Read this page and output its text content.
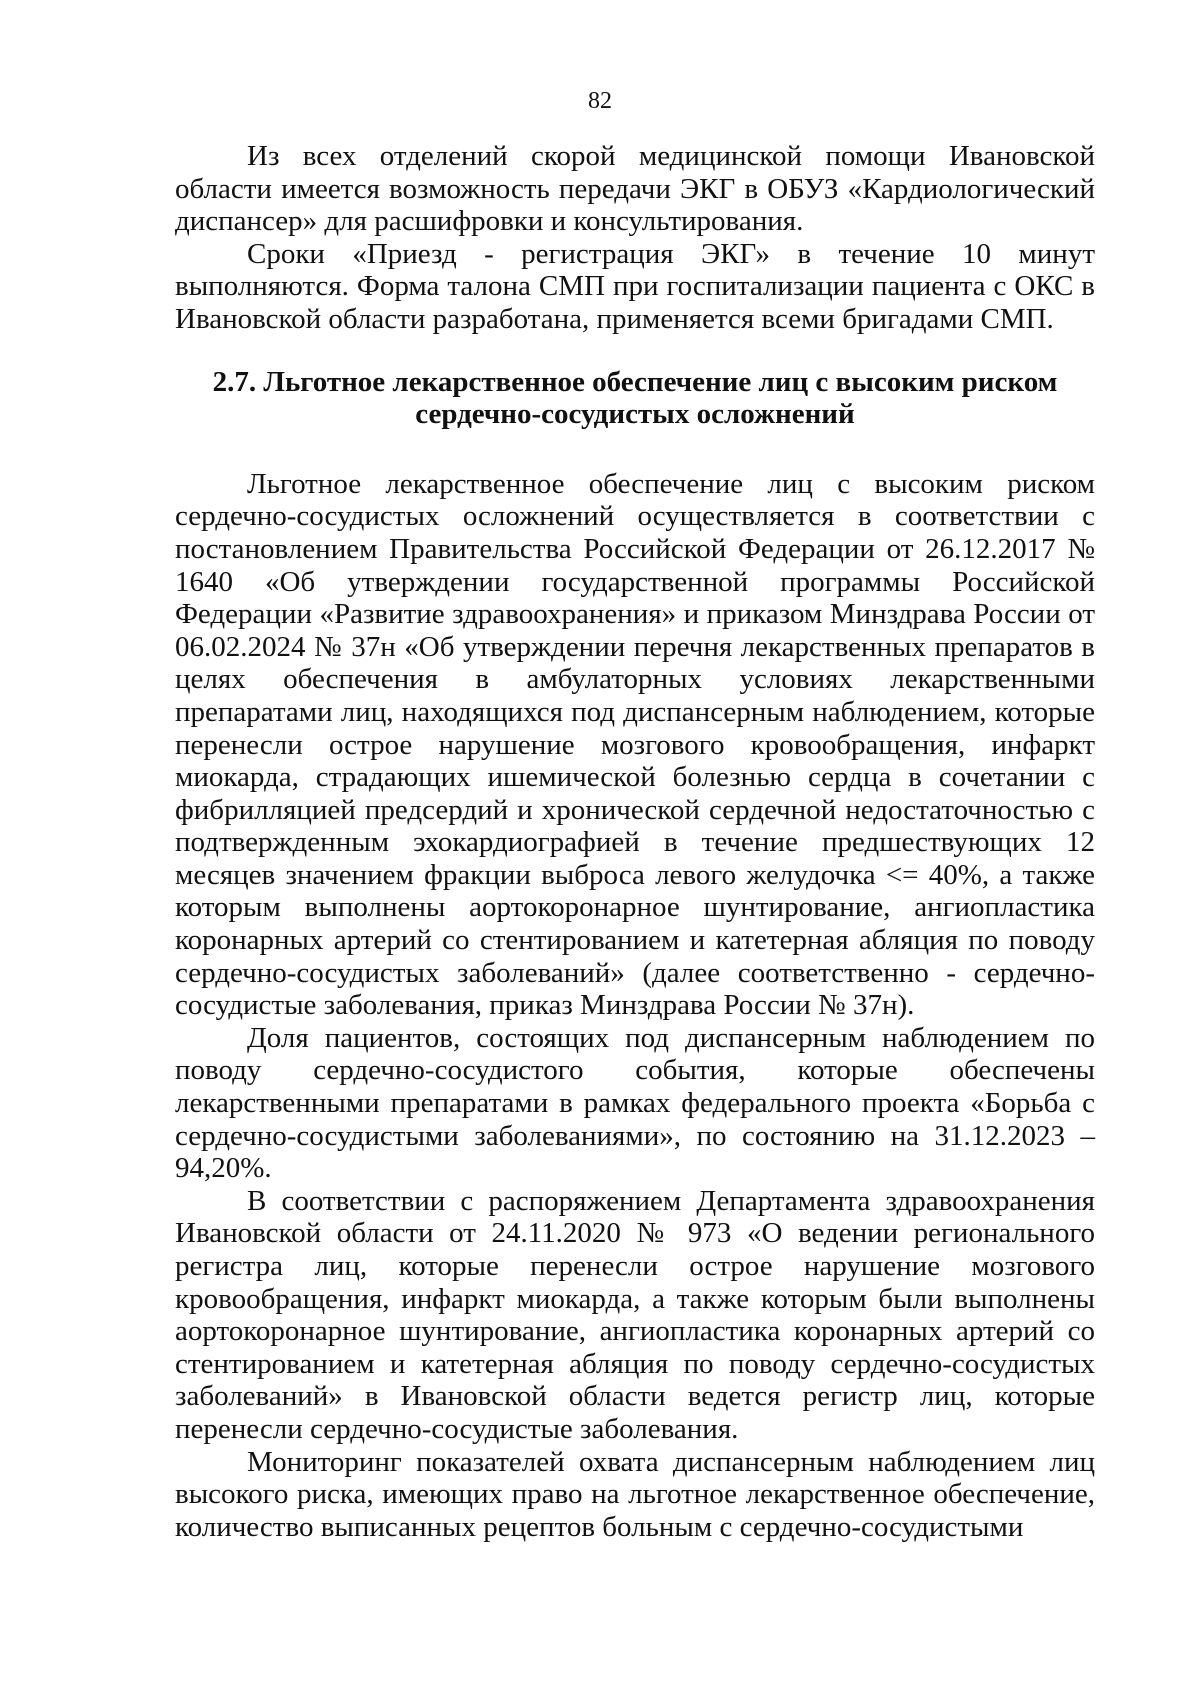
82

Из всех отделений скорой медицинской помощи Ивановской области имеется возможность передачи ЭКГ в ОБУЗ «Кардиологический диспансер» для расшифровки и консультирования.

Сроки «Приезд - регистрация ЭКГ» в течение 10 минут выполняются. Форма талона СМП при госпитализации пациента с ОКС в Ивановской области разработана, применяется всеми бригадами СМП.

2.7. Льготное лекарственное обеспечение лиц с высоким риском
сердечно-сосудистых осложнений

Льготное лекарственное обеспечение лиц с высоким риском сердечно-сосудистых осложнений осуществляется в соответствии с постановлением Правительства Российской Федерации от 26.12.2017 № 1640 «Об утверждении государственной программы Российской Федерации «Развитие здравоохранения» и приказом Минздрава России от 06.02.2024 № 37н «Об утверждении перечня лекарственных препаратов в целях обеспечения в амбулаторных условиях лекарственными препаратами лиц, находящихся под диспансерным наблюдением, которые перенесли острое нарушение мозгового кровообращения, инфаркт миокарда, страдающих ишемической болезнью сердца в сочетании с фибрилляцией предсердий и хронической сердечной недостаточностью с подтвержденным эхокардиографией в течение предшествующих 12 месяцев значением фракции выброса левого желудочка <= 40%, а также которым выполнены аортокоронарное шунтирование, ангиопластика коронарных артерий со стентированием и катетерная абляция по поводу сердечно-сосудистых заболеваний» (далее соответственно - сердечно-сосудистые заболевания, приказ Минздрава России № 37н).

Доля пациентов, состоящих под диспансерным наблюдением по поводу сердечно-сосудистого события, которые обеспечены лекарственными препаратами в рамках федерального проекта «Борьба с сердечно-сосудистыми заболеваниями», по состоянию на 31.12.2023 – 94,20%.

В соответствии с распоряжением Департамента здравоохранения Ивановской области от 24.11.2020 № 973 «О ведении регионального регистра лиц, которые перенесли острое нарушение мозгового кровообращения, инфаркт миокарда, а также которым были выполнены аортокоронарное шунтирование, ангиопластика коронарных артерий со стентированием и катетерная абляция по поводу сердечно-сосудистых заболеваний» в Ивановской области ведется регистр лиц, которые перенесли сердечно-сосудистые заболевания.

Мониторинг показателей охвата диспансерным наблюдением лиц высокого риска, имеющих право на льготное лекарственное обеспечение, количество выписанных рецептов больным с сердечно-сосудистыми
